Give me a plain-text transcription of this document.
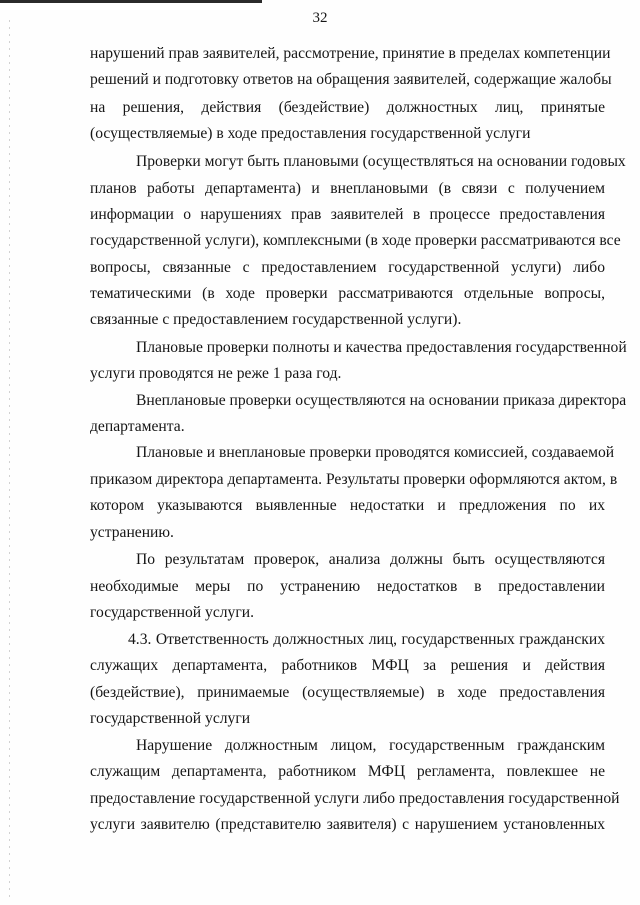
32
нарушений прав заявителей, рассмотрение, принятие в пределах компетенции
решений и подготовку ответов на обращения заявителей, содержащие жалобы
на решения, действия (бездействие) должностных лиц, принятые
(осуществляемые) в ходе предоставления государственной услуги
Проверки могут быть плановыми (осуществляться на основании годовых
планов работы департамента) и внеплановыми (в связи с получением
информации о нарушениях прав заявителей в процессе предоставления
государственной услуги), комплексными (в ходе проверки рассматриваются все
вопросы, связанные с предоставлением государственной услуги) либо
тематическими (в ходе проверки рассматриваются отдельные вопросы,
связанные с предоставлением государственной услуги).
Плановые проверки полноты и качества предоставления государственной
услуги проводятся не реже 1 раза год.
Внеплановые проверки осуществляются на основании приказа директора
департамента.
Плановые и внеплановые проверки проводятся комиссией, создаваемой
приказом директора департамента. Результаты проверки оформляются актом, в
котором указываются выявленные недостатки и предложения по их
устранению.
По результатам проверок, анализа должны быть осуществляются
необходимые меры по устранению недостатков в предоставлении
государственной услуги.
4.3. Ответственность должностных лиц, государственных гражданских
служащих департамента, работников МФЦ за решения и действия
(бездействие), принимаемые (осуществляемые) в ходе предоставления
государственной услуги
Нарушение должностным лицом, государственным гражданским
служащим департамента, работником МФЦ регламента, повлекшее не
предоставление государственной услуги либо предоставления государственной
услуги заявителю (представителю заявителя) с нарушением установленных
